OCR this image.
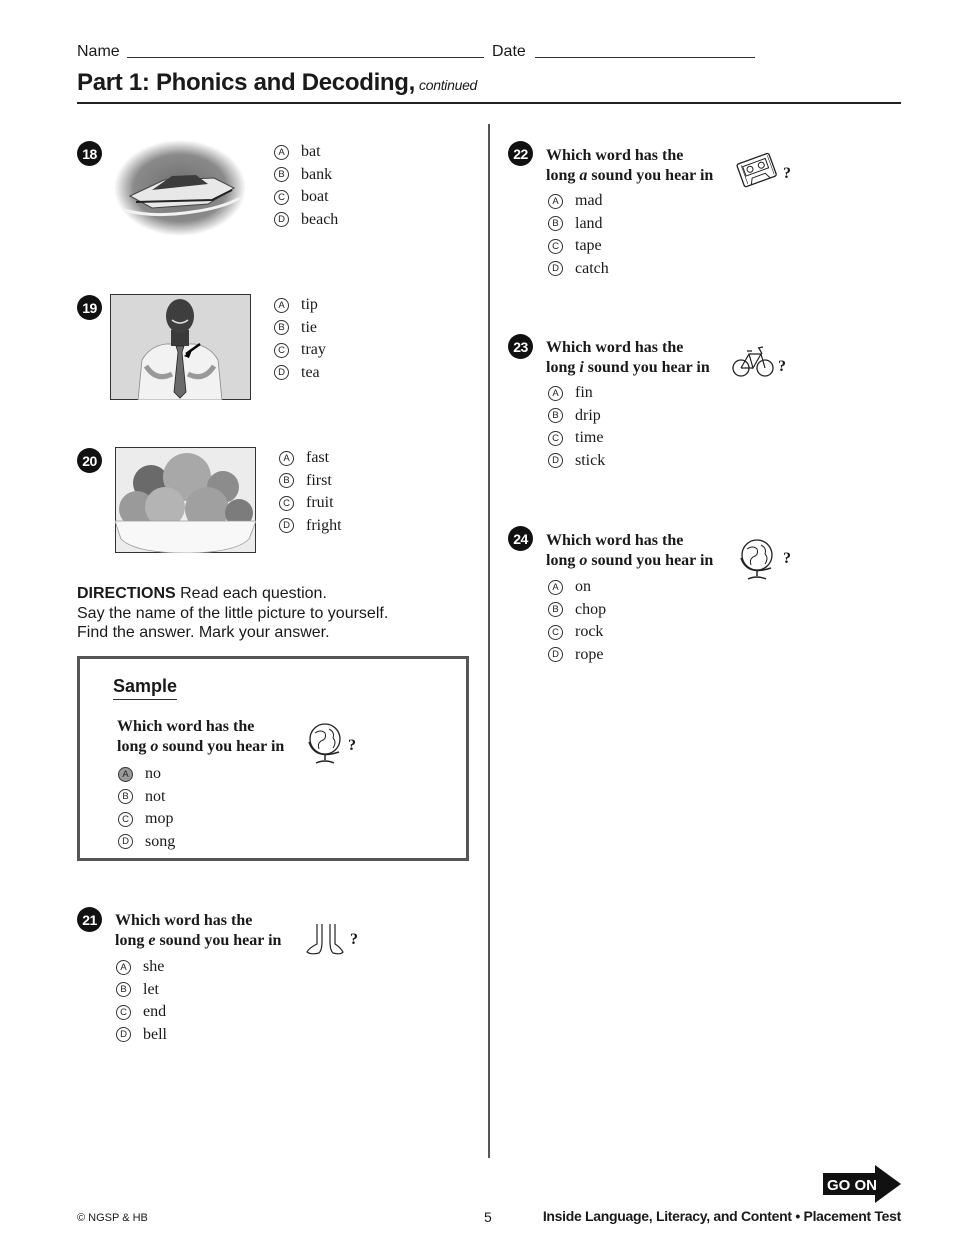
Name	Date
Part 1: Phonics and Decoding, continued
18	A bat
B bank
C boat
D beach
19	A tip
B tie
C tray
D tea
20	A fast
B first
C fruit
D fright
DIRECTIONS Read each question.
Say the name of the little picture to yourself.
Find the answer. Mark your answer.
Sample
Which word has the
long o sound you hear in	?
A no
B not
C mop
D song
21	Which word has the
long e sound you hear in	?
A she
B let
C end
D bell
22	Which word has the
long a sound you hear in	?
A mad
B land
C tape
D catch
23	Which word has the
long i sound you hear in	?
A fin
B drip
C time
D stick
24	Which word has the
long o sound you hear in	?
A on
B chop
C rock
D rope
GO ON
© NGSP & HB	5	Inside Language, Literacy, and Content • Placement Test
